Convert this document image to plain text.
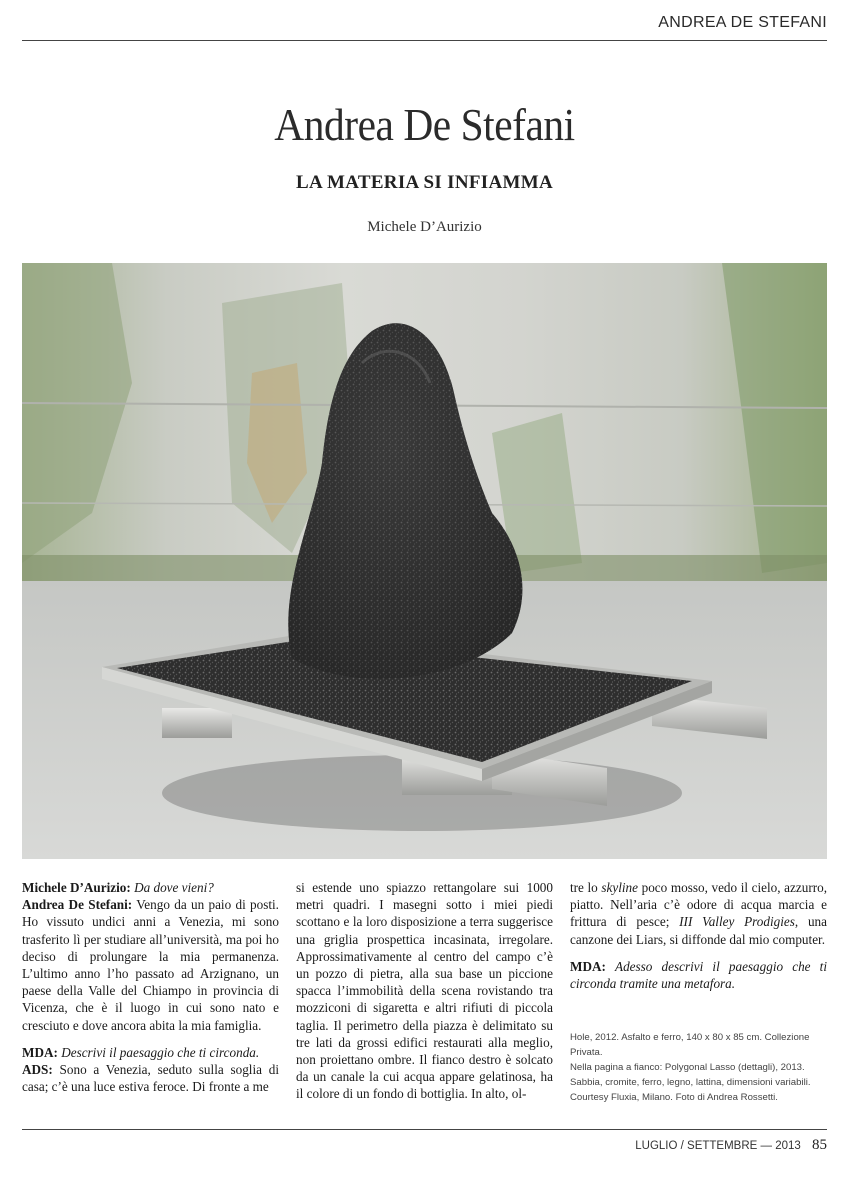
ANDREA DE STEFANI
Andrea De Stefani
LA MATERIA SI INFIAMMA
Michele D’Aurizio

Michele D’Aurizio: Da dove vieni?
Andrea De Stefani: Vengo da un paio di posti. Ho vissuto undici anni a Venezia, mi sono trasferito lì per studiare all’università, ma poi ho deciso di prolungare la mia permanenza. L’ultimo anno l’ho passato ad Arzignano, un paese della Valle del Chiampo in provincia di Vicenza, che è il luogo in cui sono nato e cresciuto e dove ancora abita la mia famiglia.

MDA: Descrivi il paesaggio che ti circonda.
ADS: Sono a Venezia, seduto sulla soglia di casa; c’è una luce estiva feroce. Di fronte a me

si estende uno spiazzo rettangolare sui 1000 metri quadri. I masegni sotto i miei piedi scottano e la loro disposizione a terra suggerisce una griglia prospettica incasinata, irregolare. Approssimativamente al centro del campo c’è un pozzo di pietra, alla sua base un piccione spacca l’immobilità della scena rovistando tra mozziconi di sigaretta e altri rifiuti di piccola taglia. Il perimetro della piazza è delimitato su tre lati da grossi edifici restaurati alla meglio, non proiettano ombre. Il fianco destro è solcato da un canale la cui acqua appare gelatinosa, ha il colore di un fondo di bottiglia. In alto, ol-

tre lo skyline poco mosso, vedo il cielo, azzurro, piatto. Nell’aria c’è odore di acqua marcia e frittura di pesce; III Valley Prodigies, una canzone dei Liars, si diffonde dal mio computer.

MDA: Adesso descrivi il paesaggio che ti circonda tramite una metafora.

Hole, 2012. Asfalto e ferro, 140 x 80 x 85 cm. Collezione Privata.

Nella pagina a fianco: Polygonal Lasso (dettagli), 2013. Sabbia, cromite, ferro, legno, lattina, dimensioni variabili. Courtesy Fluxia, Milano. Foto di Andrea Rossetti.

LUGLIO / SETTEMBRE — 2013 85
